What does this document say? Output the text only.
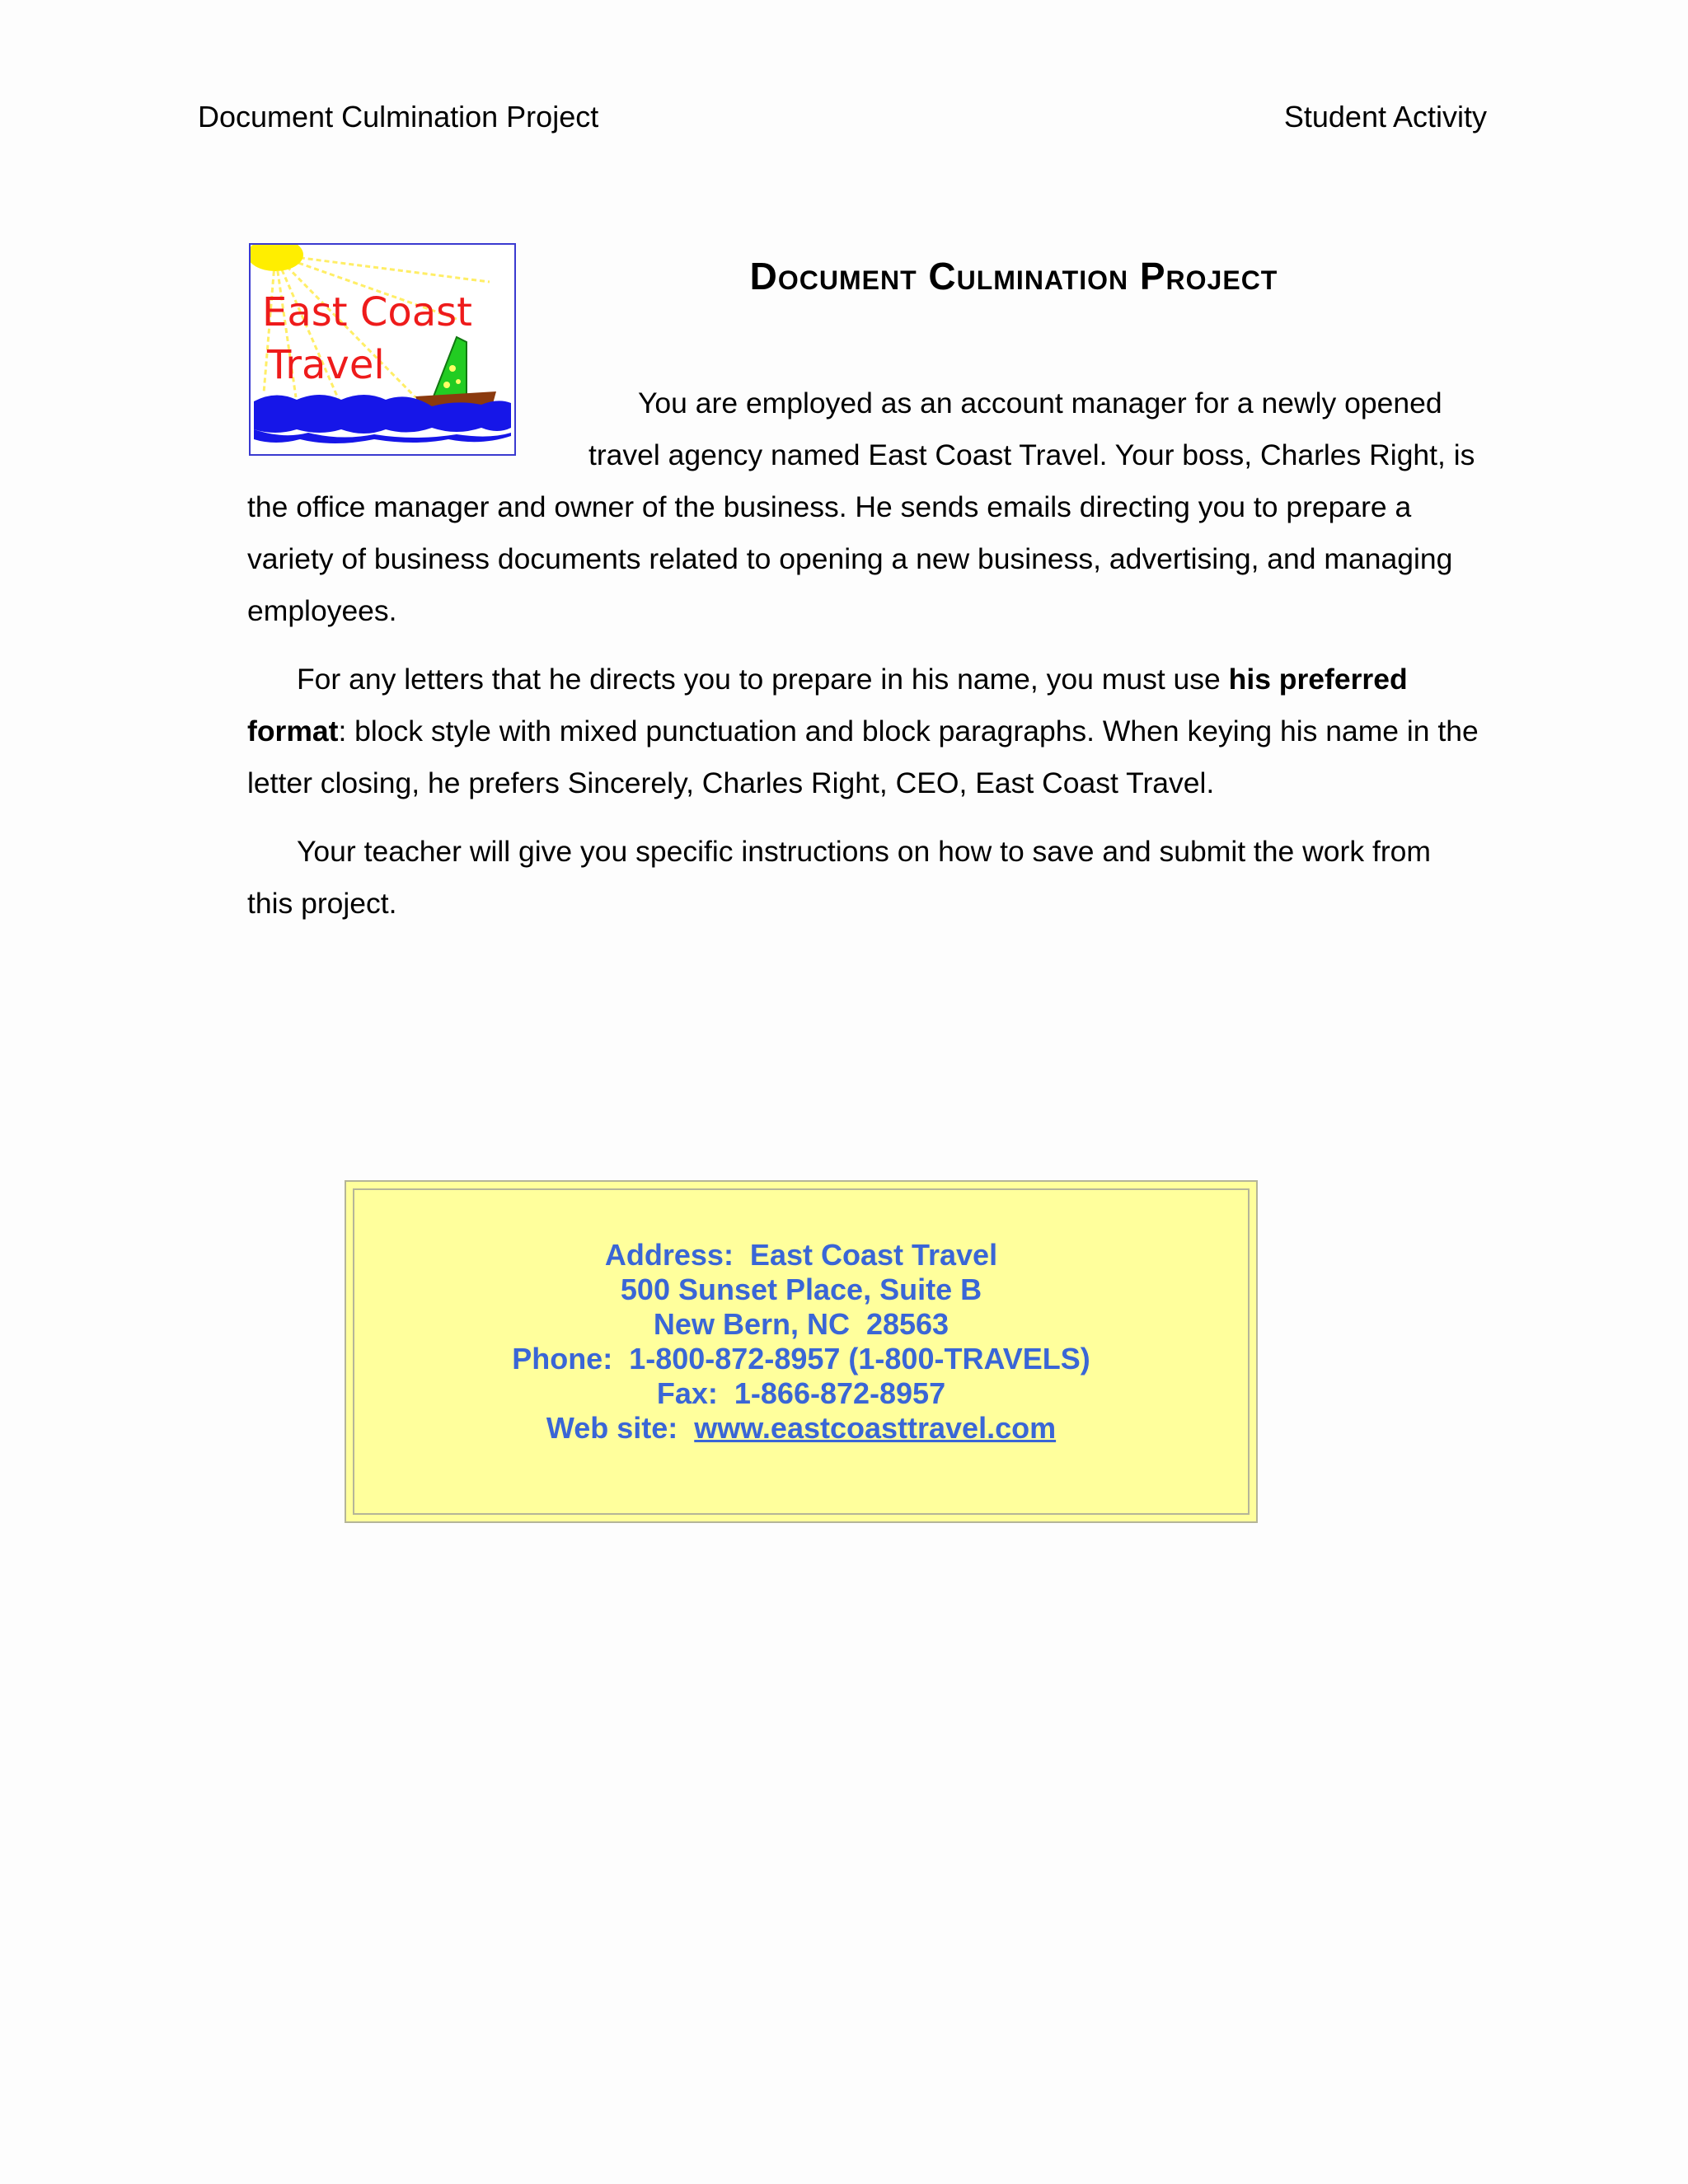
Document Culmination Project	Student Activity
East Coast
Travel
Document Culmination Project

You are employed as an account manager for a newly opened travel agency named East Coast Travel. Your boss, Charles Right, is the office manager and owner of the business. He sends emails directing you to prepare a variety of business documents related to opening a new business, advertising, and managing employees.

For any letters that he directs you to prepare in his name, you must use his preferred format: block style with mixed punctuation and block paragraphs. When keying his name in the letter closing, he prefers Sincerely, Charles Right, CEO, East Coast Travel.

Your teacher will give you specific instructions on how to save and submit the work from this project.

Address:  East Coast Travel
500 Sunset Place, Suite B
New Bern, NC  28563
Phone:  1-800-872-8957 (1-800-TRAVELS)
Fax:  1-866-872-8957
Web site:  www.eastcoasttravel.com
